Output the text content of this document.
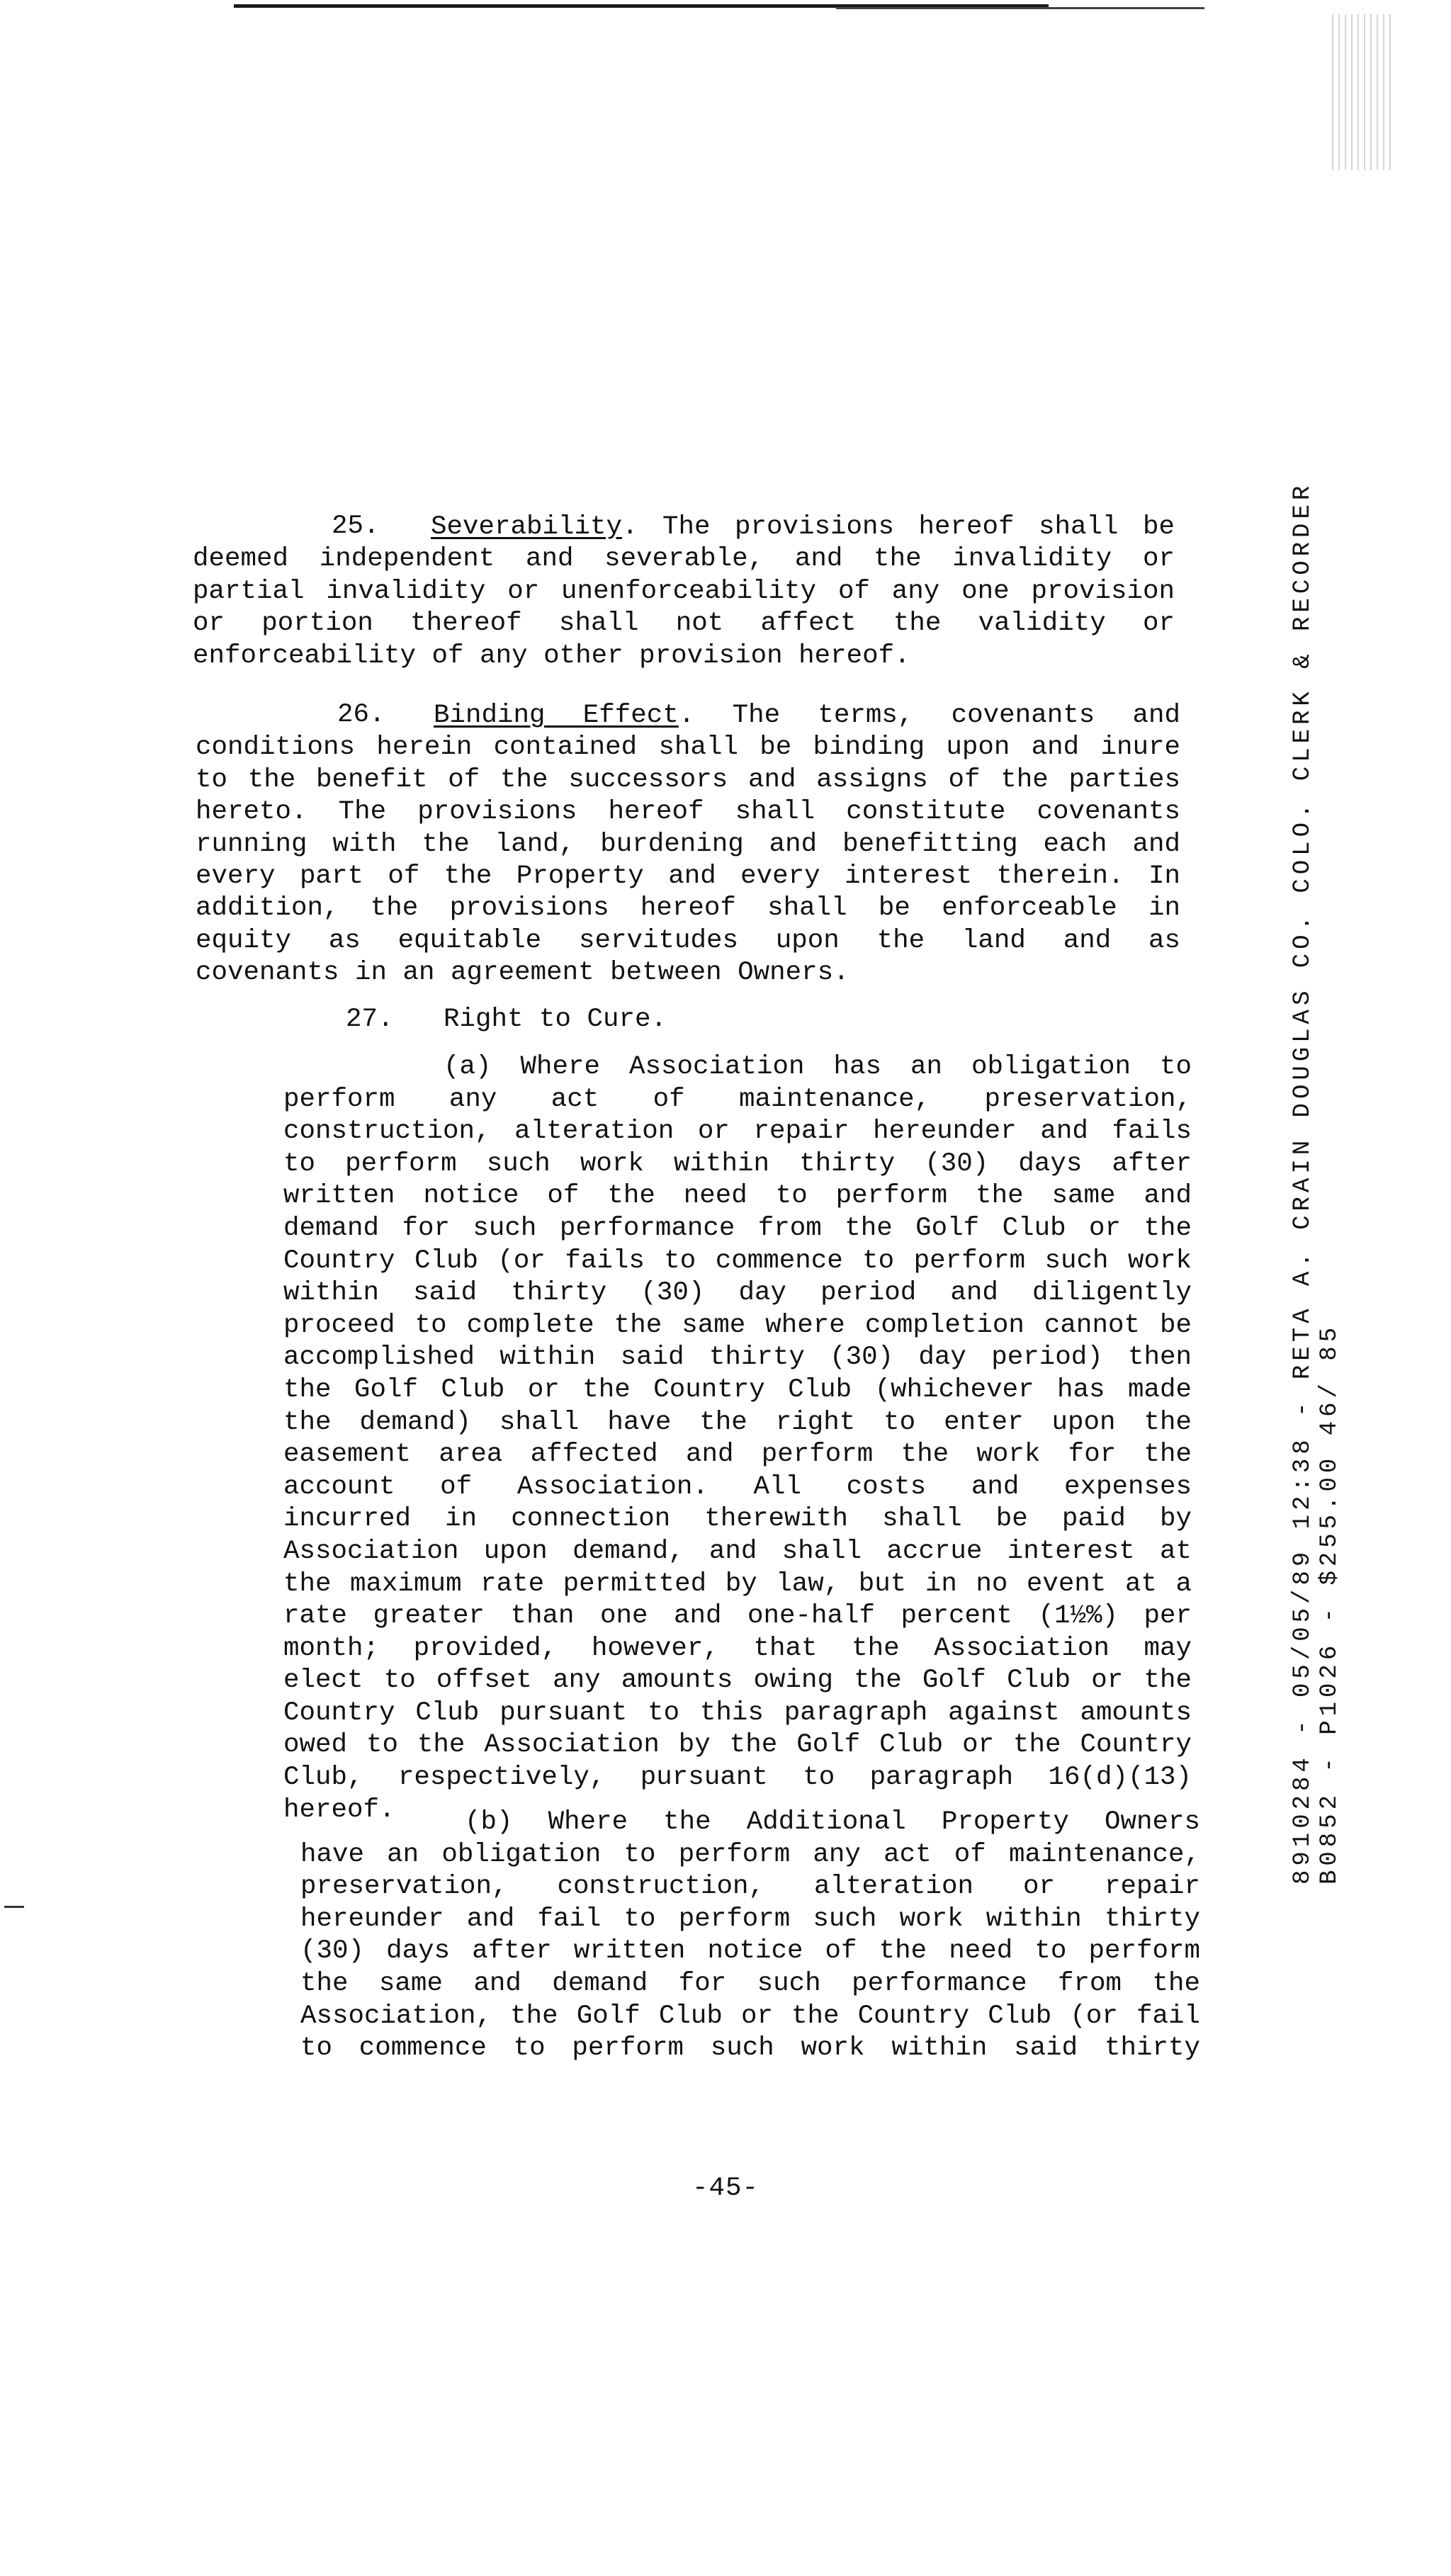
25.	Severability. The provisions hereof shall be
deemed independent and severable, and the invalidity or
partial invalidity or unenforceability of any one provision
or portion thereof shall not affect the validity or
enforceability of any other provision hereof.
26.	Binding Effect. The terms, covenants and
conditions herein contained shall be binding upon and inure
to the benefit of the successors and assigns of the parties
hereto. The provisions hereof shall constitute covenants
running with the land, burdening and benefitting each and
every part of the Property and every interest therein. In
addition, the provisions hereof shall be enforceable in
equity as equitable servitudes upon the land and as
covenants in an agreement between Owners.
27. Right to Cure.
(a) Where Association has an obligation to
perform any act of maintenance, preservation,
construction, alteration or repair hereunder and fails
to perform such work within thirty (30) days after
written notice of the need to perform the same and
demand for such performance from the Golf Club or the
Country Club (or fails to commence to perform such work
within said thirty (30) day period and diligently
proceed to complete the same where completion cannot be
accomplished within said thirty (30) day period) then
the Golf Club or the Country Club (whichever has made
the demand) shall have the right to enter upon the
easement area affected and perform the work for the
account of Association. All costs and expenses
incurred in connection therewith shall be paid by
Association upon demand, and shall accrue interest at
the maximum rate permitted by law, but in no event at a
rate greater than one and one-half percent (1½%) per
month; provided, however, that the Association may
elect to offset any amounts owing the Golf Club or the
Country Club pursuant to this paragraph against amounts
owed to the Association by the Golf Club or the Country
Club, respectively, pursuant to paragraph 16(d)(13)
hereof.	(b) Where the Additional Property Owners
have an obligation to perform any act of maintenance,
preservation, construction, alteration or repair
hereunder and fail to perform such work within thirty
(30) days after written notice of the need to perform
the same and demand for such performance from the
Association, the Golf Club or the Country Club (or fail
to commence to perform such work within said thirty
-45-
8910284 - 05/05/89 12:38 - RETA A. CRAIN DOUGLAS CO. COLO. CLERK & RECORDER
B0852 - P1026 - $255.00 46/ 85
